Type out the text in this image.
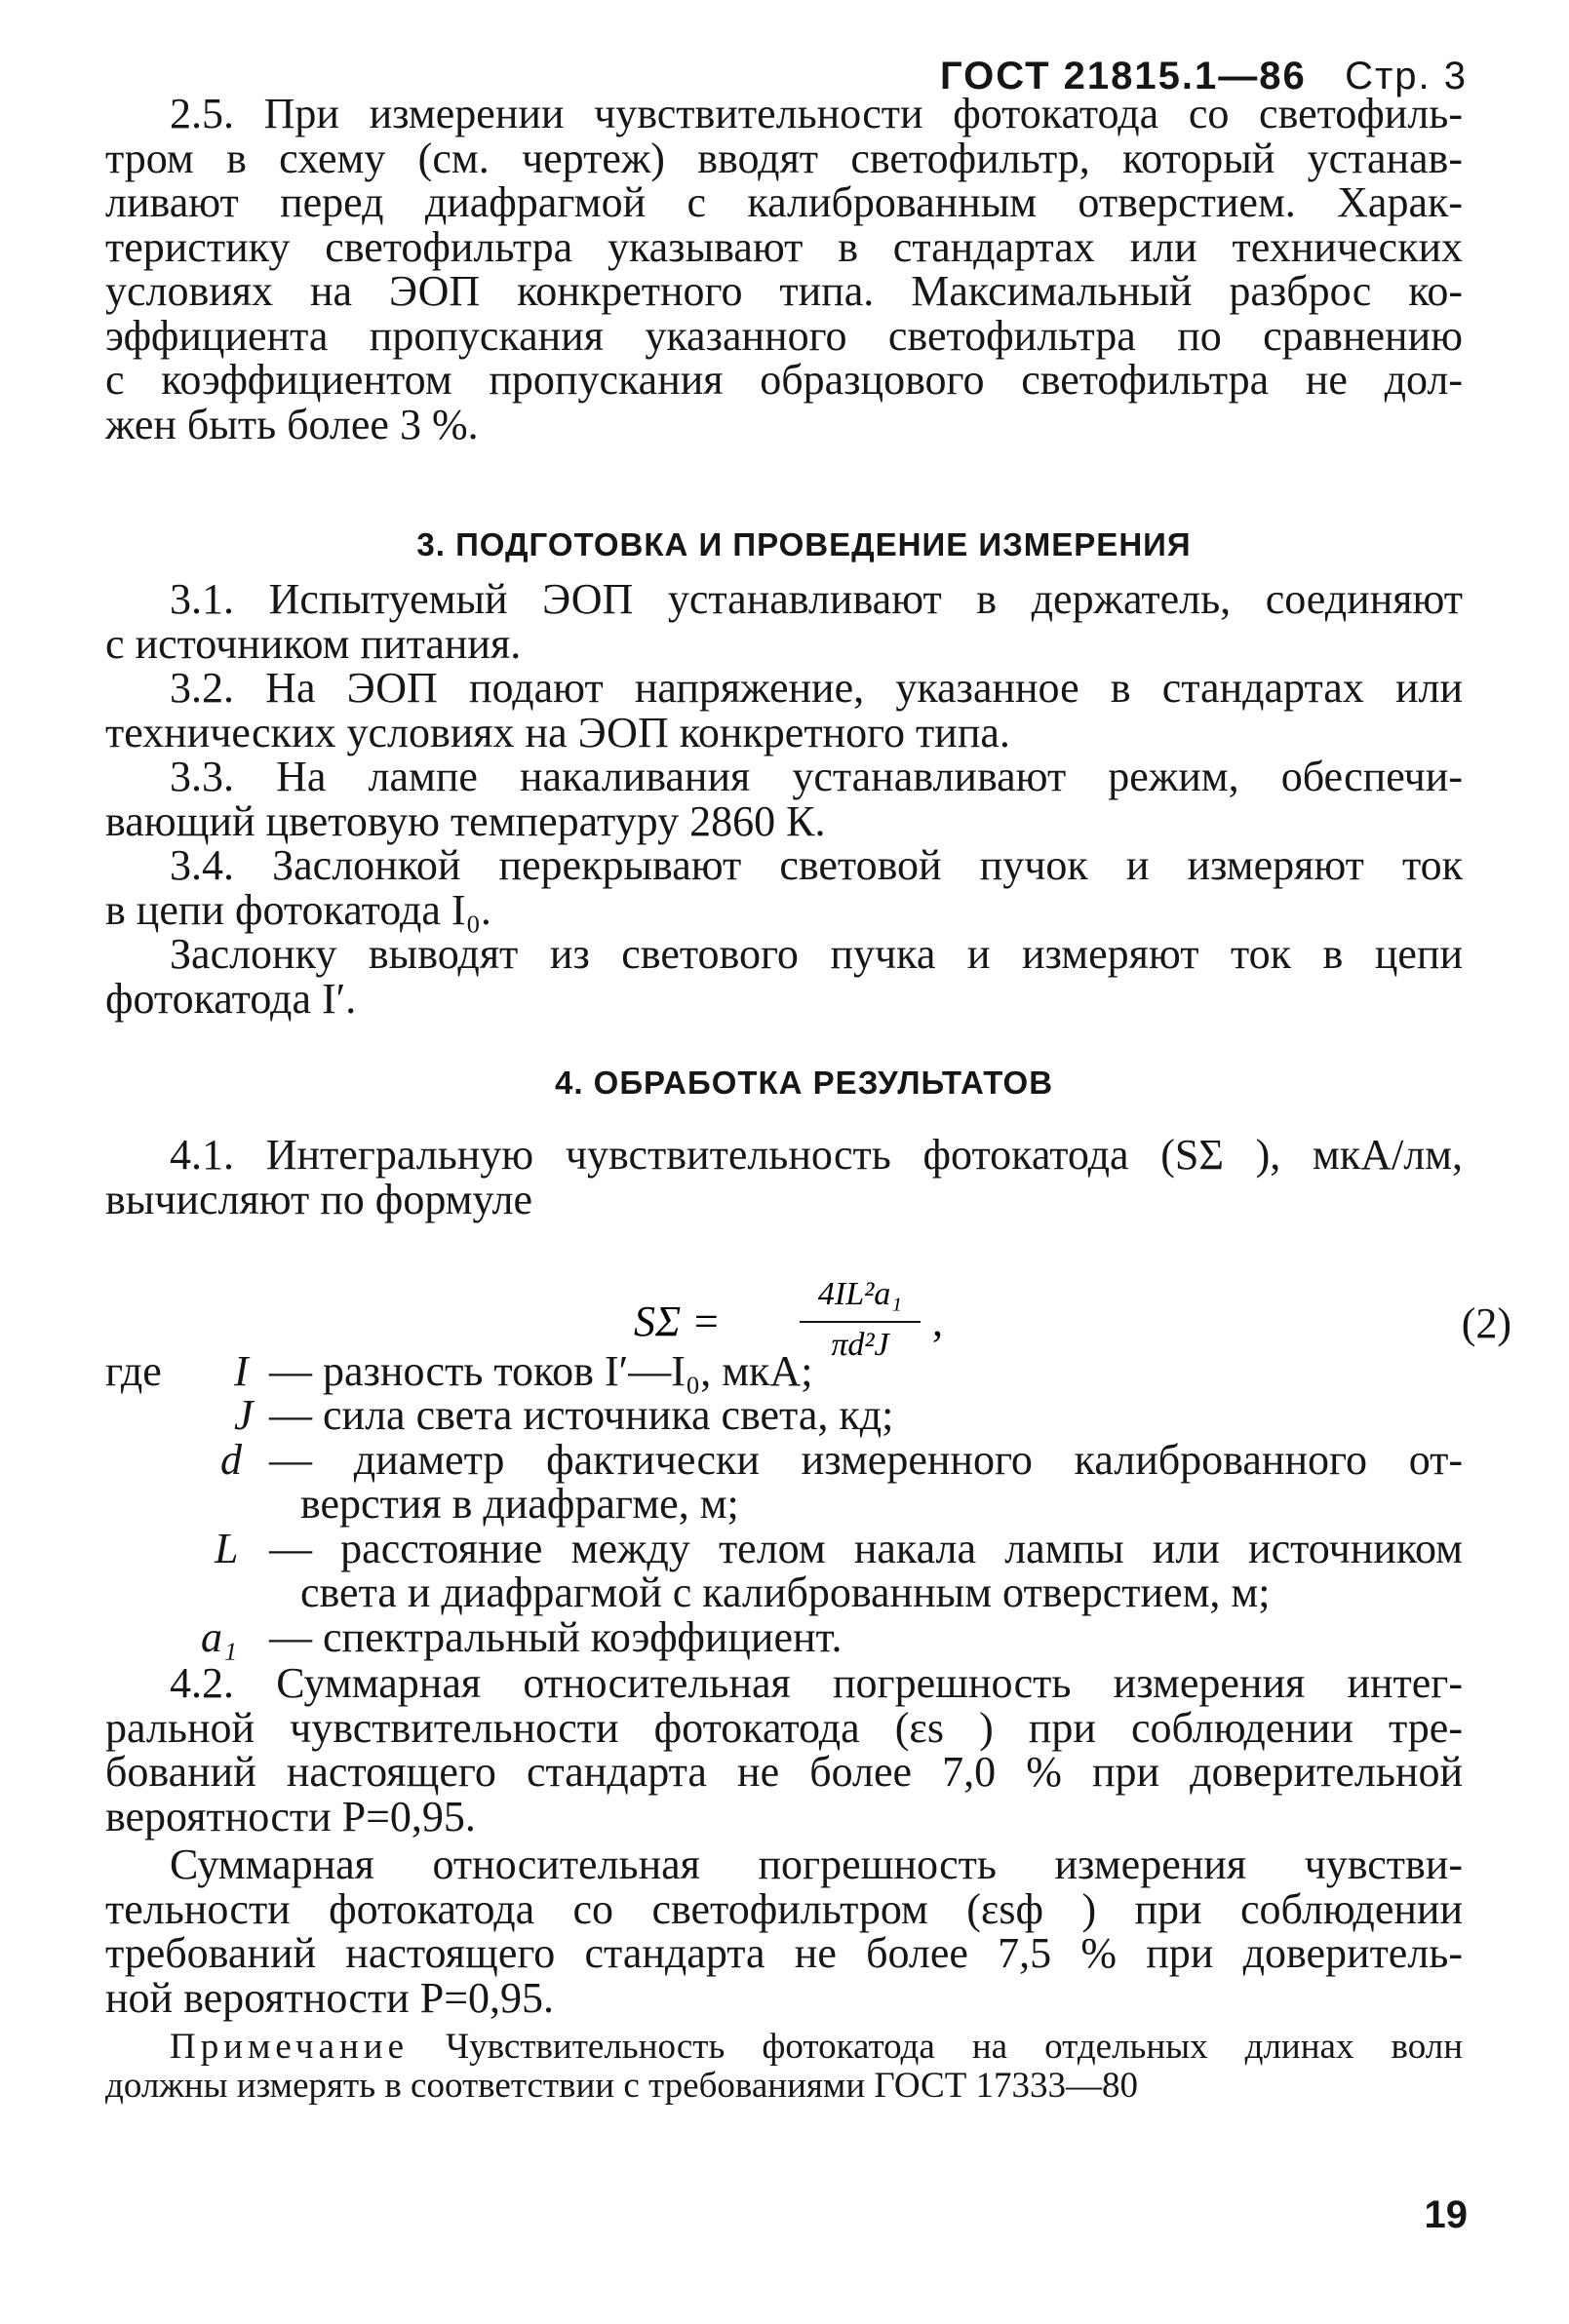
ГОСТ 21815.1—86 Стр. 3

2.5. При измерении чувствительности фотокатода со светофиль-

тром в схему (см. чертеж) вводят светофильтр, который устанав-

ливают перед диафрагмой с калиброванным отверстием. Харак-

теристику светофильтра указывают в стандартах или технических

условиях на ЭОП конкретного типа. Максимальный разброс ко-

эффициента пропускания указанного светофильтра по сравнению

с коэффициентом пропускания образцового светофильтра не дол-

жен быть более 3 %.

3. ПОДГОТОВКА И ПРОВЕДЕНИЕ ИЗМЕРЕНИЯ

3.1. Испытуемый ЭОП устанавливают в держатель, соединяют

с источником питания.

3.2. На ЭОП подают напряжение, указанное в стандартах или

технических условиях на ЭОП конкретного типа.

3.3. На лампе накаливания устанавливают режим, обеспечи-

вающий цветовую температуру 2860 К.

3.4. Заслонкой перекрывают световой пучок и измеряют ток

в цепи фотокатода I₀.

Заслонку выводят из светового пучка и измеряют ток в цепи

фотокатода I′.

4. ОБРАБОТКА РЕЗУЛЬТАТОВ

4.1. Интегральную чувствительность фотокатода (SΣ ), мкА/лм,

вычисляют по формуле

SΣ =
4IL²a₁
πd²J ,	(2)
где I — разность токов I′—I₀, мкА;
J — сила света источника света, кд;
d — диаметр фактически измеренного калиброванного от-
верстия в диафрагме, м;
L — расстояние между телом накала лампы или источником
света и диафрагмой с калиброванным отверстием, м;
a₁ — спектральный коэффициент.

4.2. Суммарная относительная погрешность измерения интег-

ральной чувствительности фотокатода (εs ) при соблюдении тре-

бований настоящего стандарта не более 7,0 % при доверительной

вероятности P=0,95.

Суммарная относительная погрешность измерения чувстви-

тельности фотокатода со светофильтром (εsф ) при соблюдении

требований настоящего стандарта не более 7,5 % при доверитель-

ной вероятности P=0,95.

Примечание Чувствительность фотокатода на отдельных длинах волн
должны измерять в соответствии с требованиями ГОСТ 17333—80
19
